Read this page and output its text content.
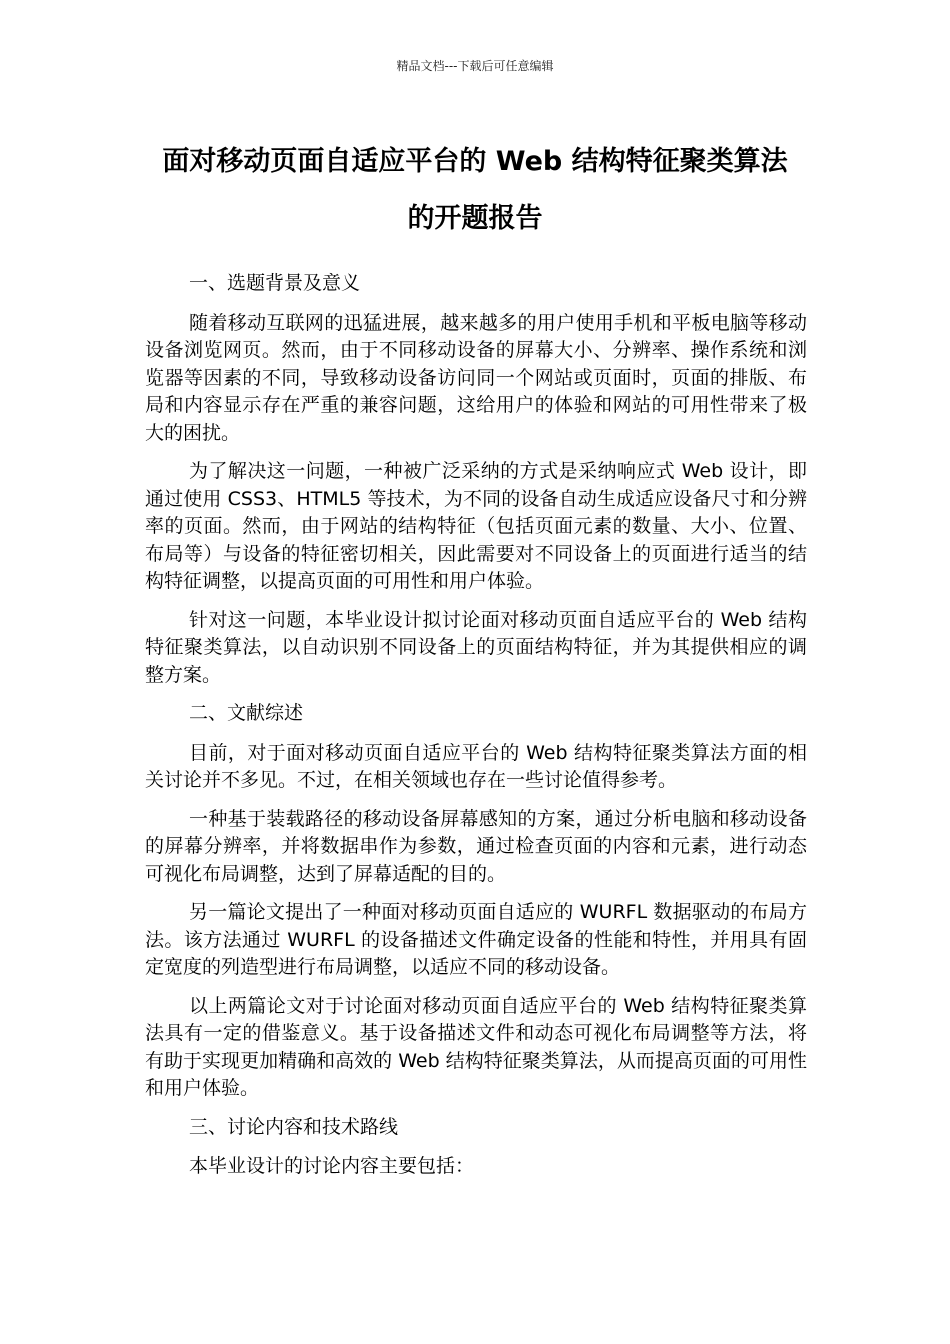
精品文档---下载后可任意编辑
面对移动页面自适应平台的 Web 结构特征聚类算法
的开题报告

一、选题背景及意义

随着移动互联网的迅猛进展，越来越多的用户使用手机和平板电脑等移动设备浏览网页。然而，由于不同移动设备的屏幕大小、分辨率、操作系统和浏览器等因素的不同，导致移动设备访问同一个网站或页面时，页面的排版、布局和内容显示存在严重的兼容问题，这给用户的体验和网站的可用性带来了极大的困扰。

为了解决这一问题，一种被广泛采纳的方式是采纳响应式 Web 设计，即通过使用 CSS3、HTML5 等技术，为不同的设备自动生成适应设备尺寸和分辨率的页面。然而，由于网站的结构特征（包括页面元素的数量、大小、位置、布局等）与设备的特征密切相关，因此需要对不同设备上的页面进行适当的结构特征调整，以提高页面的可用性和用户体验。

针对这一问题，本毕业设计拟讨论面对移动页面自适应平台的 Web 结构特征聚类算法，以自动识别不同设备上的页面结构特征，并为其提供相应的调整方案。

二、文献综述

目前，对于面对移动页面自适应平台的 Web 结构特征聚类算法方面的相关讨论并不多见。不过，在相关领域也存在一些讨论值得参考。

一种基于装载路径的移动设备屏幕感知的方案，通过分析电脑和移动设备的屏幕分辨率，并将数据串作为参数，通过检查页面的内容和元素，进行动态可视化布局调整，达到了屏幕适配的目的。

另一篇论文提出了一种面对移动页面自适应的 WURFL 数据驱动的布局方法。该方法通过 WURFL 的设备描述文件确定设备的性能和特性，并用具有固定宽度的列造型进行布局调整，以适应不同的移动设备。

以上两篇论文对于讨论面对移动页面自适应平台的 Web 结构特征聚类算法具有一定的借鉴意义。基于设备描述文件和动态可视化布局调整等方法，将有助于实现更加精确和高效的 Web 结构特征聚类算法，从而提高页面的可用性和用户体验。

三、讨论内容和技术路线

本毕业设计的讨论内容主要包括：
